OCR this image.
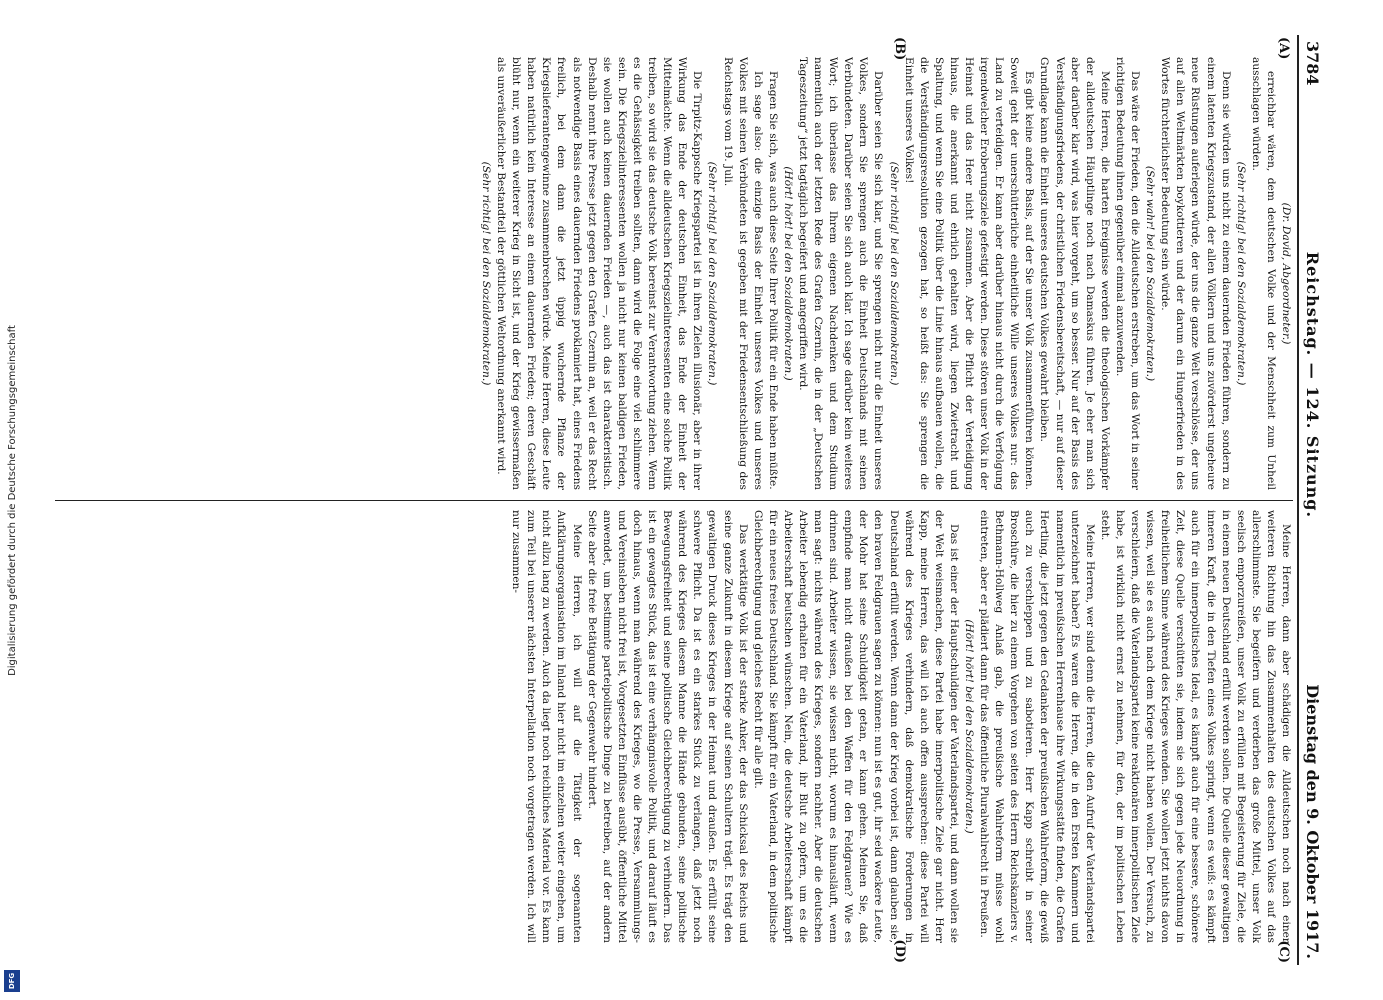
Digitalisierung gefördert durch die Deutsche Forschungsgemeinschaft
DFG
3784
Reichstag. — 124. Sitzung.
Dienstag den 9. Oktober 1917.
(A)
(B)
(C)
(D)

(Dr. David, Abgeordneter.)

erreichbar wären, dem deutschen Volke und der Menschheit zum Unheil ausschlagen würden.

(Sehr richtig! bei den Sozialdemokraten.)

Denn sie würden uns nicht zu einem dauernden Frieden führen, sondern zu einem latenten Kriegszustand, der allen Völkern und uns zuvörderst ungeheure neue Rüstungen auferlegen würde, der uns die ganze Welt verschlösse, der uns auf allen Weltmärkten boykottieren und der darum ein Hungerfrieden in des Wortes fürchterlichster Bedeutung sein würde.

(Sehr wahr! bei den Sozialdemokraten.)

Das wäre der Frieden, den die Alldeutschen erstreben, um das Wort in seiner richtigen Bedeutung ihnen gegenüber einmal anzuwenden.

Meine Herren, die harten Ereignisse werden die theologischen Vorkämpfer der alldeutschen Häuptlinge noch nach Damaskus führen. Je eher man sich aber darüber klar wird, was hier vorgeht, um so besser. Nur auf der Basis des Verständigungsfriedens, der christlichen Friedensbereitschaft, — nur auf dieser Grundlage kann die Einheit unseres deutschen Volkes gewahrt bleiben.

Es gibt keine andere Basis, auf der Sie unser Volk zusammenführen können. Soweit geht der unerschütterliche einheitliche Wille unseres Volkes nur: das Land zu verteidigen. Er kann aber darüber hinaus nicht durch die Verfolgung irgendwelcher Eroberungsziele gefestigt werden. Diese stören unser Volk in der Heimat und das Heer nicht zusammen. Aber die Pflicht der Verteidigung hinaus, die anerkannt und ehrlich gehalten wird, liegen Zwietracht und Spaltung, und wenn Sie eine Politik über die Linie hinaus aufbauen wollen, die die Verständigungsresolution gezogen hat, so heißt das: Sie sprengen die Einheit unseres Volkes!

(Sehr richtig! bei den Sozialdemokraten.)

Darüber seien Sie sich klar, und Sie sprengen nicht nur die Einheit unseres Volkes, sondern Sie sprengen auch die Einheit Deutschlands mit seinen Verbündeten. Darüber seien Sie sich auch klar. Ich sage darüber kein weiteres Wort; ich überlasse das Ihrem eigenen Nachdenken und dem Studium namentlich auch der letzten Rede des Grafen Czernin, die in der „Deutschen Tageszeitung“ jetzt tagtäglich begeifert und angegriffen wird.

(Hört! hört! bei den Sozialdemokraten.)

Fragen Sie sich, was auch diese Seite Ihrer Politik für ein Ende haben müßte.

Ich sage also: die einzige Basis der Einheit unseres Volkes und unseres Volkes mit seinen Verbündeten ist gegeben mit der Friedensentschließung des Reichstags vom 19. Juli.

(Sehr richtig! bei den Sozialdemokraten.)

Die Tirpitz-Kappsche Kriegspartei ist in ihren Zielen illusionär, aber in ihrer Wirkung das Ende der deutschen Einheit, das Ende der Einheit der Mittelmächte. Wenn die alldeutschen Kriegszielinteressenten eine solche Politik treiben, so wird sie das deutsche Volk bereinst zur Verantwortung ziehen. Wenn es die Gehässigkeit treiben sollten, dann wird die Folge eine viel schlimmere sein. Die Kriegszielinteressenten wollen ja nicht nur keinen baldigen Frieden, sie wollen auch keinen dauernden Frieden —, auch das ist charakteristisch. Deshalb nennt ihre Presse jetzt gegen den Grafen Czernin an, weil er das Recht als notwendige Basis eines dauernden Friedens proklamiert hat, eines Friedens freilich, bei dem dann die jetzt üppig wuchernde Pflanze der Kriegslieferantengewinne zusammenbrechen würde. Meine Herren, diese Leute haben natürlich kein Interesse an einem dauernden Frieden; deren Geschäft blüht nur, wenn ein weiterer Krieg in Sicht ist, und der Krieg gewissermaßen als unveräußerlicher Bestandteil der göttlichen Weltordnung anerkannt wird.

(Sehr richtig! bei den Sozialdemokraten.)

Meine Herren, dann aber schädigen die Alldeutschen noch nach einer weiteren Richtung hin das Zusammenhalten des deutschen Volkes auf das allerschlimmste. Sie begeifern und verderben das große Mittel, unser Volk seelisch emporzureißen, unser Volk zu erfüllen mit Begeisterung für Ziele, die in einem neuen Deutschland erfüllt werden sollen. Die Quelle dieser gewaltigen inneren Kraft, die in den Tiefen eines Volkes springt, wenn es weiß: es kämpft auch für ein innerpolitisches Ideal, es kämpft auch für eine bessere, schönere Zeit, diese Quelle verschütten sie, indem sie sich gegen jede Neuordnung in freiheitlichem Sinne während des Krieges wenden. Sie wollen jetzt nichts davon wissen, weil sie es auch nach dem Kriege nicht haben wollen. Der Versuch, zu verschleiern, daß die Vaterlandspartei keine reaktionären innerpolitischen Ziele habe, ist wirklich nicht ernst zu nehmen, für den, der im politischen Leben steht.

Meine Herren, wer sind denn die Herren, die den Aufruf der Vaterlandspartei unterzeichnet haben? Es waren die Herren, die in den Ersten Kammern und namentlich im preußischen Herrenhause ihre Wirkungsstätte finden, die Grafen Hertling, die jetzt gegen den Gedanken der preußischen Wahlreform, die gewiß auch zu verschleppen und zu sabotieren. Herr Kapp schreibt in seiner Broschüre, die hier zu einem Vorgehen von seiten des Herrn Reichskanzlers v. Bethmann-Hollweg Anlaß gab, die preußische Wahlreform müsse wohl eintreten, aber er plädiert dann für das öffentliche Pluralwahlrecht in Preußen.

(Hört! hört! bei den Sozialdemokraten.)

Das ist einer der Hauptschuldigen der Vaterlandspartei, und dann wollen sie der Welt weismachen, diese Partei habe innerpolitische Ziele gar nicht. Herr Kapp, meine Herren, das will ich auch offen aussprechen: diese Partei will während des Krieges verhindern, daß demokratische Forderungen in Deutschland erfüllt werden. Wenn dann der Krieg vorbei ist, dann glauben sie, den braven Feldgrauen sagen zu können: nun ist es gut, ihr seid wackere Leute, der Mohr hat seine Schuldigkeit getan, er kann gehen. Meinen Sie, daß empfinde man nicht draußen bei den Waffen für den Feldgrauen? Wie es drinnen sind. Arbeiter wissen, sie wissen nicht, worum es hinausläuft, wenn man sagt: nichts während des Krieges, sondern nachher. Aber die deutschen Arbeiter lebendig erhalten für ein Vaterland, ihr Blut zu opfern, um es die Arbeiterschaft beutschen wünschen. Nein, die deutsche Arbeiterschaft kämpft für ein neues freies Deutschland. Sie kämpft für ein Vaterland, in dem politische Gleichberechtigung und gleiches Recht für alle gilt.

Das werktätige Volk ist der starke Anker, der das Schicksal des Reichs und seine ganze Zukunft in diesem Kriege auf seinen Schultern trägt. Es trägt den gewaltigen Druck dieses Krieges in der Heimat und draußen. Es erfüllt seine schwere Pflicht. Da ist es ein starkes Stück zu verlangen, daß jetzt noch während des Krieges diesem Manne die Hände gebunden, seine politische Bewegungsfreiheit und seine politische Gleichberechtigung zu verhindern. Das ist ein gewagtes Stück, das ist eine verhängnisvolle Politik, und darauf läuft es doch hinaus, wenn man während des Krieges, wo die Presse, Versammlungs- und Vereinsleben nicht frei ist, Vorgesetzten Einflüsse ausübt, öffentliche Mittel anwendet, um bestimmte parteipolitische Dinge zu betreiben, auf der andern Seite aber die freie Betätigung der Gegenwehr hindert.

Meine Herren, ich will auf die Tätigkeit der sogenannten Aufklärungsorganisation im Inland hier nicht im einzelnen weiter eingehen, um nicht allzu lang zu werden. Auch da liegt noch reichliches Material vor. Es kann zum Teil bei unserer nächsten Interpellation noch vorgetragen werden. Ich will nur zusammen-
